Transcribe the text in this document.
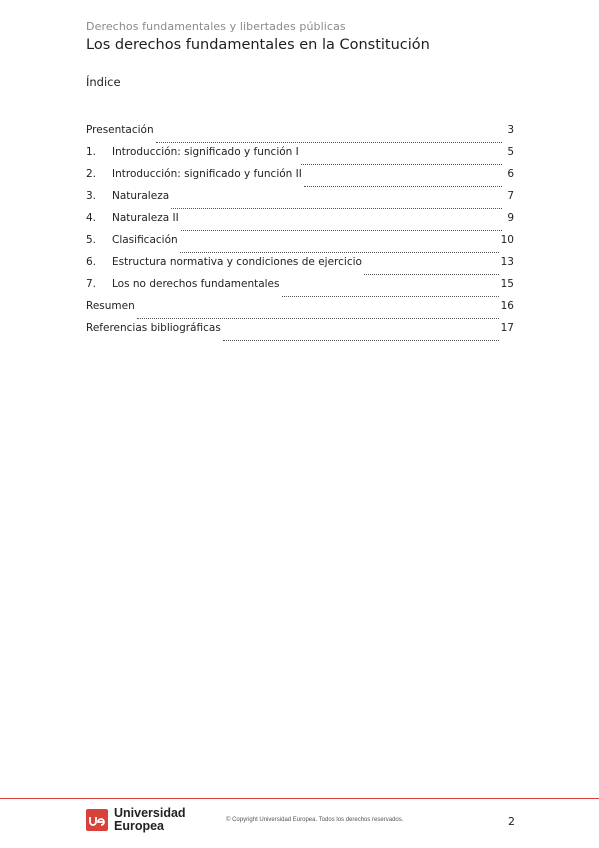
Derechos fundamentales y libertades públicas
Los derechos fundamentales en la Constitución
Índice
Presentación	3
1.	Introducción: significado y función I	5
2.	Introducción: significado y función II	6
3.	Naturaleza	7
4.	Naturaleza II	9
5.	Clasificación	10
6.	Estructura normativa y condiciones de ejercicio	13
7.	Los no derechos fundamentales	15
Resumen	16
Referencias bibliográficas	17
Universidad
Europea	© Copyright Universidad Europea. Todos los derechos reservados.	2
